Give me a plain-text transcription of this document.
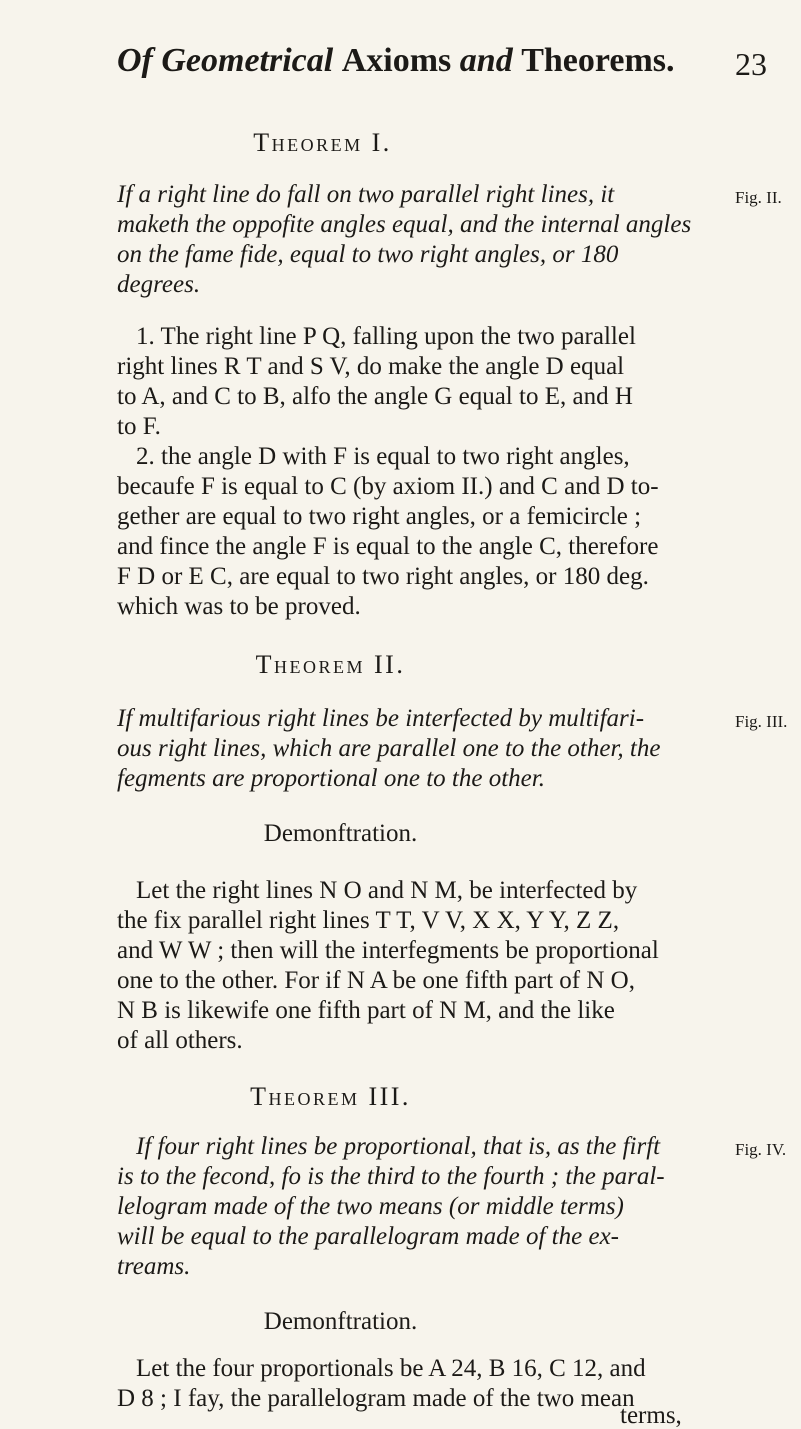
Of Geometrical Axioms and Theorems. 23
Theorem I.
Fig. II.
If a right line do fall on two parallel right lines, it
maketh the oppofite angles equal, and the internal angles
on the fame fide, equal to two right angles, or 180
degrees.
1. The right line P Q, falling upon the two parallel
right lines R T and S V, do make the angle D equal
to A, and C to B, alfo the angle G equal to E, and H
to F.
2. the angle D with F is equal to two right angles,
becaufe F is equal to C (by axiom II.) and C and D to-
gether are equal to two right angles, or a femicircle ;
and fince the angle F is equal to the angle C, therefore
F D or E C, are equal to two right angles, or 180 deg.
which was to be proved.
Theorem II.
Fig. III.
If multifarious right lines be interfected by multifari-
ous right lines, which are parallel one to the other, the
fegments are proportional one to the other.
Demonftration.
Let the right lines N O and N M, be interfected by
the fix parallel right lines T T, V V, X X, Y Y, Z Z,
and W W ; then will the interfegments be proportional
one to the other. For if N A be one fifth part of N O,
N B is likewife one fifth part of N M, and the like
of all others.
Theorem III.
Fig. IV.
If four right lines be proportional, that is, as the firft
is to the fecond, fo is the third to the fourth ; the paral-
lelogram made of the two means (or middle terms)
will be equal to the parallelogram made of the ex-
treams.
Demonftration.
Let the four proportionals be A 24, B 16, C 12, and
D 8 ; I fay, the parallelogram made of the two mean
terms,
